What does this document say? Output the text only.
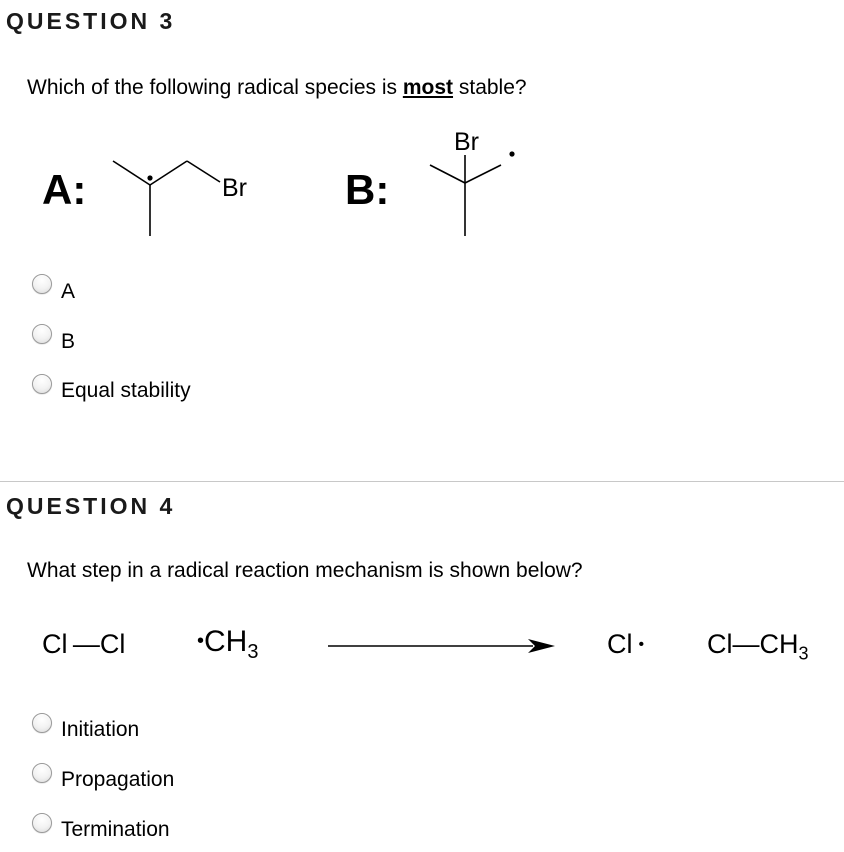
QUESTION 3
Which of the following radical species is most stable?
A:	Br B:
Br
A
B
Equal stability
QUESTION 4
What step in a radical reaction mechanism is shown below?
Cl —Cl	$•CH_3$	Cl • $Cl—CH_3$
Initiation
Propagation
Termination
